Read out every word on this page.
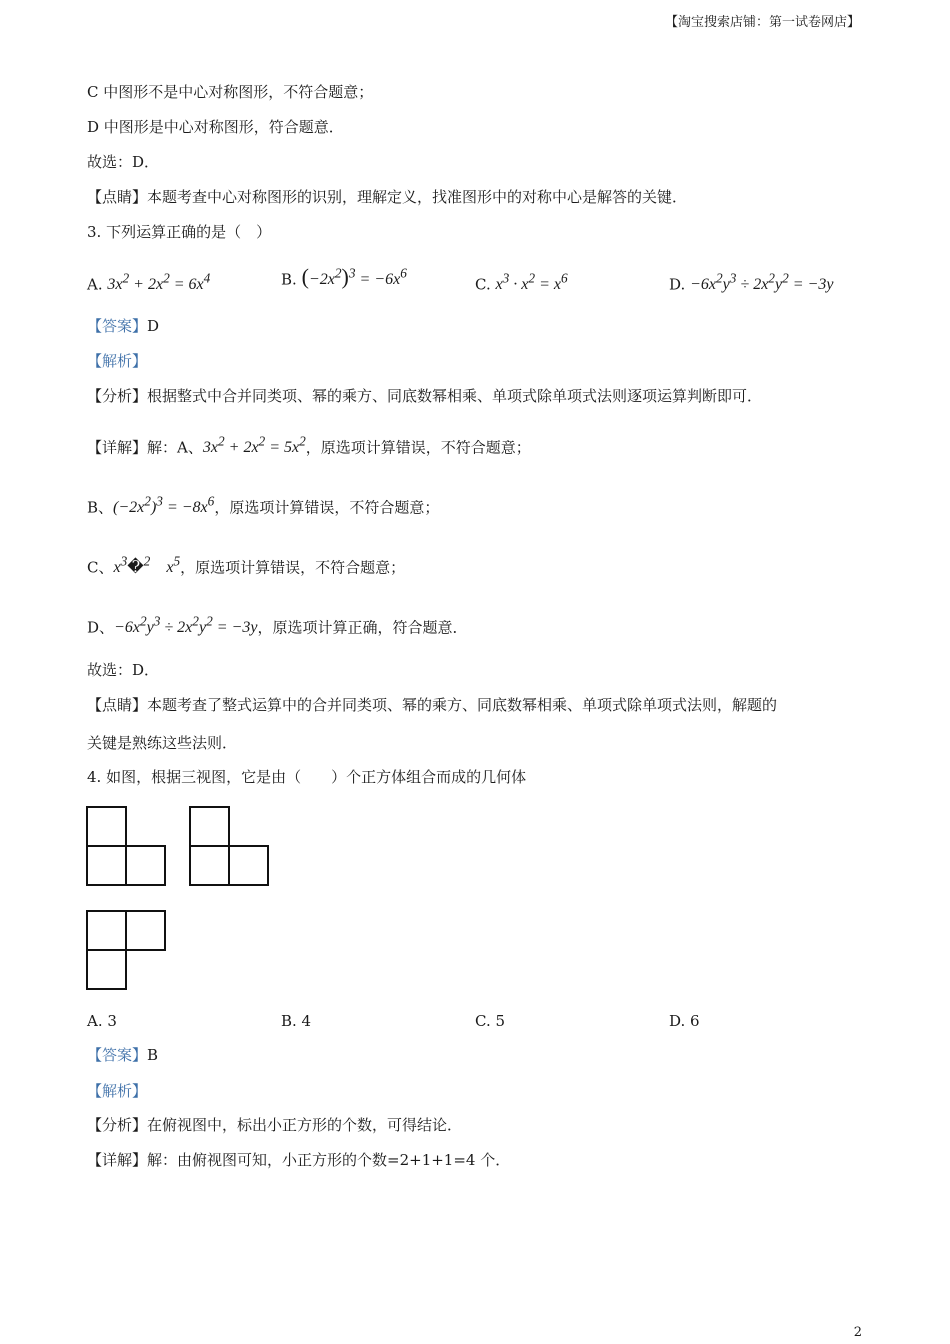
【淘宝搜索店铺：第一试卷网店】
C 中图形不是中心对称图形，不符合题意；
D 中图形是中心对称图形，符合题意．
故选：D．
【点睛】本题考查中心对称图形的识别，理解定义，找准图形中的对称中心是解答的关键．
3. 下列运算正确的是（　）
A. $3x^2 + 2x^2 = 6x^4$	B. $(-2x^2)^3 = -6x^6$
C. $x^3 \cdot x^2 = x^6$	D. $-6x^2y^3 \div 2x^2y^2 = -3y$
【答案】D
【解析】
【分析】根据整式中合并同类项、幂的乘方、同底数幂相乘、单项式除单项式法则逐项运算判断即可．
【详解】解：A、$3x^2 + 2x^2 = 5x^2$，原选项计算错误，不符合题意；
B、$(-2x^2)^3 = -8x^6$，原选项计算错误，不符合题意；
C、$x^3�^2$    $x^5$，原选项计算错误，不符合题意；
D、$-6x^2y^3 \div 2x^2y^2 = -3y$，原选项计算正确，符合题意．
故选：D．
【点睛】本题考查了整式运算中的合并同类项、幂的乘方、同底数幂相乘、单项式除单项式法则，解题的
关键是熟练这些法则．
4. 如图，根据三视图，它是由（　　）个正方体组合而成的几何体
A. 3	B. 4	C. 5	D. 6
【答案】B
【解析】
【分析】在俯视图中，标出小正方形的个数，可得结论．
【详解】解：由俯视图可知，小正方形的个数=2+1+1=4 个．
2
